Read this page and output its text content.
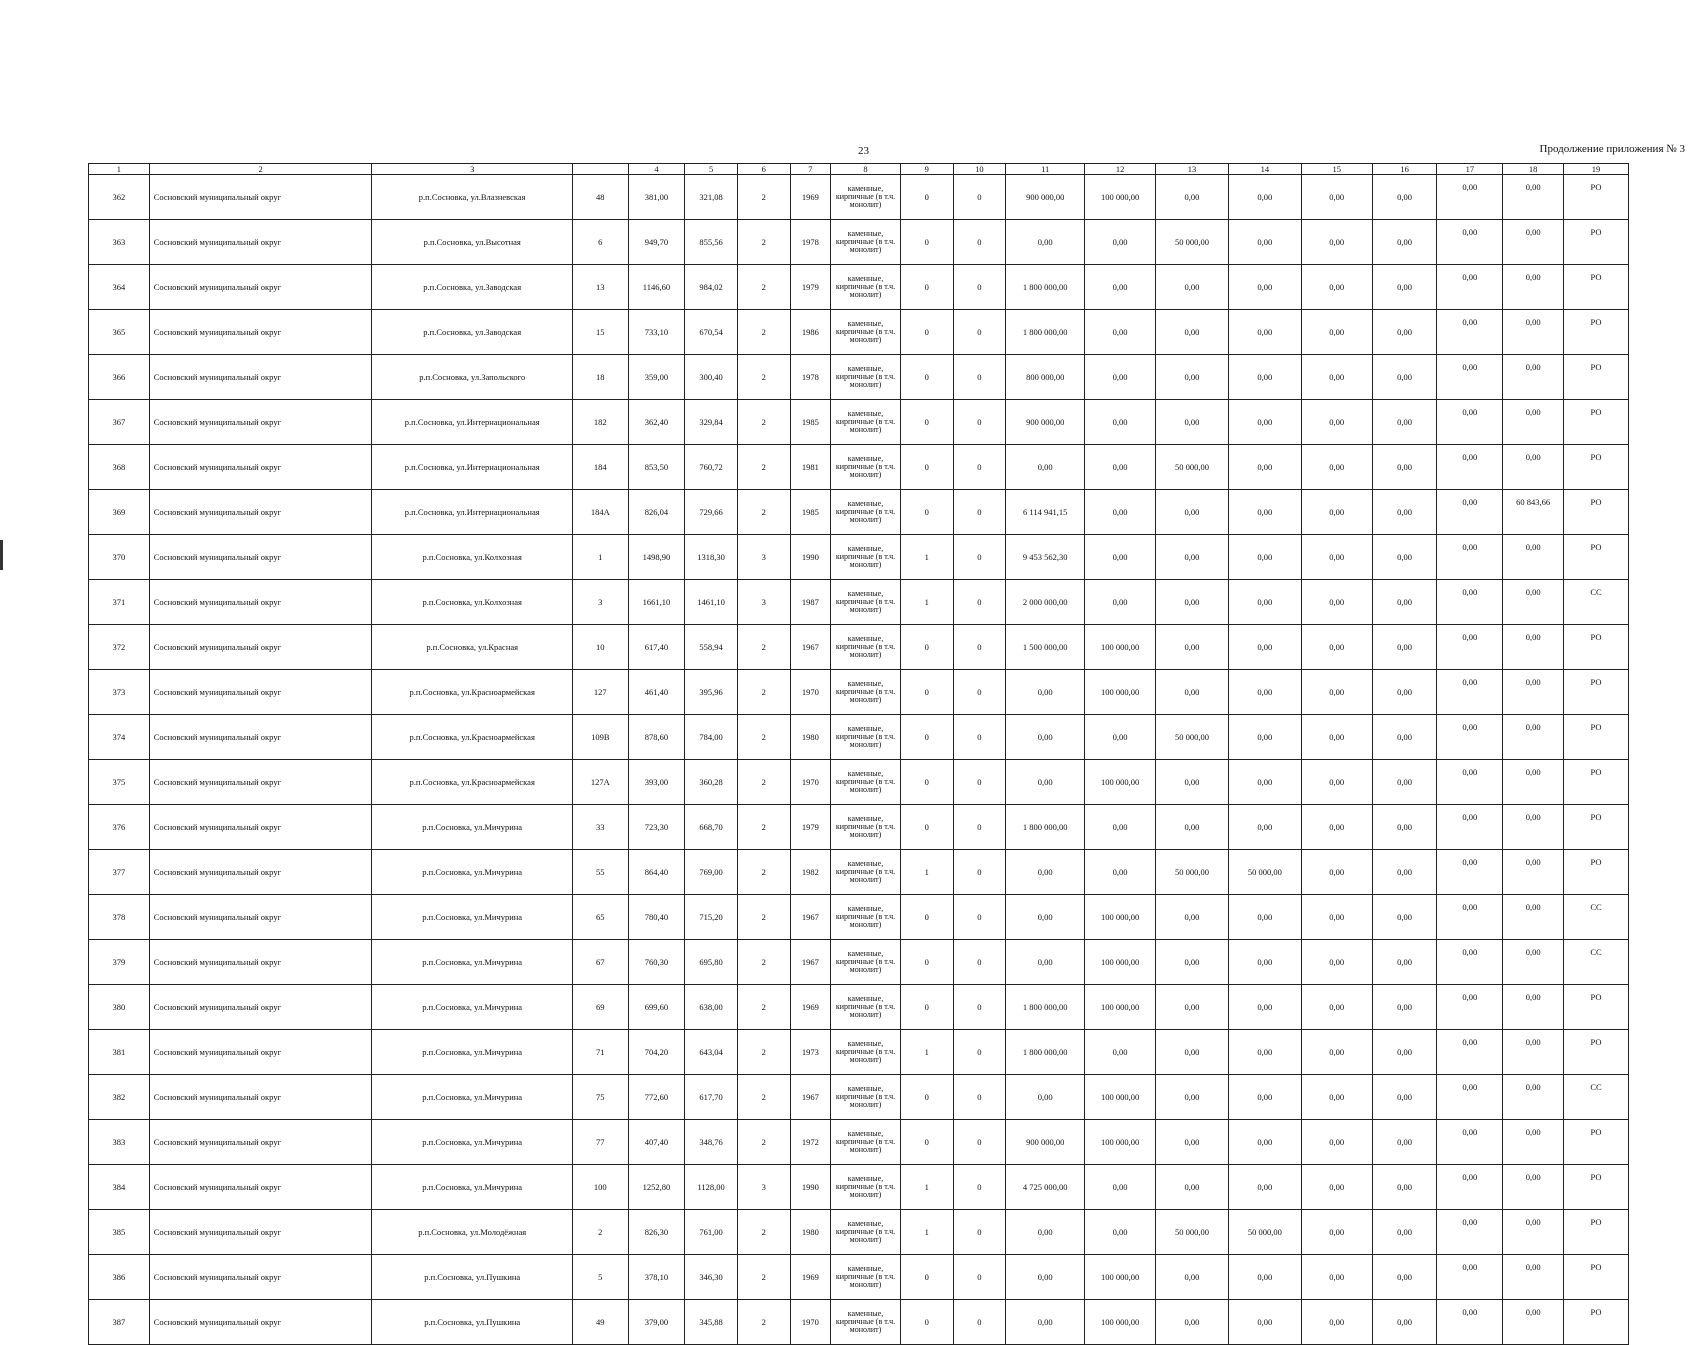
23	Продолжение приложения № 3
1	2	3		4	5	6	7	8	9	10	11	12	13	14	15	16	17	18	19
362	Сосновский муниципальный округ	р.п.Сосновка, ул.Влазневская	48	381,00	321,08	2	1969	каменные, кирпичные (в т.ч. монолит)	0	0	900 000,00	100 000,00	0,00	0,00	0,00	0,00	0,00	0,00	РО
363	Сосновский муниципальный округ	р.п.Сосновка, ул.Высотная	6	949,70	855,56	2	1978	каменные, кирпичные (в т.ч. монолит)	0	0	0,00	0,00	50 000,00	0,00	0,00	0,00	0,00	0,00	РО
364	Сосновский муниципальный округ	р.п.Сосновка, ул.Заводская	13	1146,60	984,02	2	1979	каменные, кирпичные (в т.ч. монолит)	0	0	1 800 000,00	0,00	0,00	0,00	0,00	0,00	0,00	0,00	РО
365	Сосновский муниципальный округ	р.п.Сосновка, ул.Заводская	15	733,10	670,54	2	1986	каменные, кирпичные (в т.ч. монолит)	0	0	1 800 000,00	0,00	0,00	0,00	0,00	0,00	0,00	0,00	РО
366	Сосновский муниципальный округ	р.п.Сосновка, ул.Запольского	18	359,00	300,40	2	1978	каменные, кирпичные (в т.ч. монолит)	0	0	800 000,00	0,00	0,00	0,00	0,00	0,00	0,00	0,00	РО
367	Сосновский муниципальный округ	р.п.Сосновка, ул.Интернациональная	182	362,40	329,84	2	1985	каменные, кирпичные (в т.ч. монолит)	0	0	900 000,00	0,00	0,00	0,00	0,00	0,00	0,00	0,00	РО
368	Сосновский муниципальный округ	р.п.Сосновка, ул.Интернациональная	184	853,50	760,72	2	1981	каменные, кирпичные (в т.ч. монолит)	0	0	0,00	0,00	50 000,00	0,00	0,00	0,00	0,00	0,00	РО
369	Сосновский муниципальный округ	р.п.Сосновка, ул.Интернациональная	184А	826,04	729,66	2	1985	каменные, кирпичные (в т.ч. монолит)	0	0	6 114 941,15	0,00	0,00	0,00	0,00	0,00	0,00	60 843,66	РО
370	Сосновский муниципальный округ	р.п.Сосновка, ул.Колхозная	1	1498,90	1318,30	3	1990	каменные, кирпичные (в т.ч. монолит)	1	0	9 453 562,30	0,00	0,00	0,00	0,00	0,00	0,00	0,00	РО
371	Сосновский муниципальный округ	р.п.Сосновка, ул.Колхозная	3	1661,10	1461,10	3	1987	каменные, кирпичные (в т.ч. монолит)	1	0	2 000 000,00	0,00	0,00	0,00	0,00	0,00	0,00	0,00	СС
372	Сосновский муниципальный округ	р.п.Сосновка, ул.Красная	10	617,40	558,94	2	1967	каменные, кирпичные (в т.ч. монолит)	0	0	1 500 000,00	100 000,00	0,00	0,00	0,00	0,00	0,00	0,00	РО
373	Сосновский муниципальный округ	р.п.Сосновка, ул.Красноармейская	127	461,40	395,96	2	1970	каменные, кирпичные (в т.ч. монолит)	0	0	0,00	100 000,00	0,00	0,00	0,00	0,00	0,00	0,00	РО
374	Сосновский муниципальный округ	р.п.Сосновка, ул.Красноармейская	109В	878,60	784,00	2	1980	каменные, кирпичные (в т.ч. монолит)	0	0	0,00	0,00	50 000,00	0,00	0,00	0,00	0,00	0,00	РО
375	Сосновский муниципальный округ	р.п.Сосновка, ул.Красноармейская	127А	393,00	360,28	2	1970	каменные, кирпичные (в т.ч. монолит)	0	0	0,00	100 000,00	0,00	0,00	0,00	0,00	0,00	0,00	РО
376	Сосновский муниципальный округ	р.п.Сосновка, ул.Мичурина	33	723,30	668,70	2	1979	каменные, кирпичные (в т.ч. монолит)	0	0	1 800 000,00	0,00	0,00	0,00	0,00	0,00	0,00	0,00	РО
377	Сосновский муниципальный округ	р.п.Сосновка, ул.Мичурина	55	864,40	769,00	2	1982	каменные, кирпичные (в т.ч. монолит)	1	0	0,00	0,00	50 000,00	50 000,00	0,00	0,00	0,00	0,00	РО
378	Сосновский муниципальный округ	р.п.Сосновка, ул.Мичурина	65	780,40	715,20	2	1967	каменные, кирпичные (в т.ч. монолит)	0	0	0,00	100 000,00	0,00	0,00	0,00	0,00	0,00	0,00	СС
379	Сосновский муниципальный округ	р.п.Сосновка, ул.Мичурина	67	760,30	695,80	2	1967	каменные, кирпичные (в т.ч. монолит)	0	0	0,00	100 000,00	0,00	0,00	0,00	0,00	0,00	0,00	СС
380	Сосновский муниципальный округ	р.п.Сосновка, ул.Мичурина	69	699,60	638,00	2	1969	каменные, кирпичные (в т.ч. монолит)	0	0	1 800 000,00	100 000,00	0,00	0,00	0,00	0,00	0,00	0,00	РО
381	Сосновский муниципальный округ	р.п.Сосновка, ул.Мичурина	71	704,20	643,04	2	1973	каменные, кирпичные (в т.ч. монолит)	1	0	1 800 000,00	0,00	0,00	0,00	0,00	0,00	0,00	0,00	РО
382	Сосновский муниципальный округ	р.п.Сосновка, ул.Мичурина	75	772,60	617,70	2	1967	каменные, кирпичные (в т.ч. монолит)	0	0	0,00	100 000,00	0,00	0,00	0,00	0,00	0,00	0,00	СС
383	Сосновский муниципальный округ	р.п.Сосновка, ул.Мичурина	77	407,40	348,76	2	1972	каменные, кирпичные (в т.ч. монолит)	0	0	900 000,00	100 000,00	0,00	0,00	0,00	0,00	0,00	0,00	РО
384	Сосновский муниципальный округ	р.п.Сосновка, ул.Мичурина	100	1252,80	1128,00	3	1990	каменные, кирпичные (в т.ч. монолит)	1	0	4 725 000,00	0,00	0,00	0,00	0,00	0,00	0,00	0,00	РО
385	Сосновский муниципальный округ	р.п.Сосновка, ул.Молодёжная	2	826,30	761,00	2	1980	каменные, кирпичные (в т.ч. монолит)	1	0	0,00	0,00	50 000,00	50 000,00	0,00	0,00	0,00	0,00	РО
386	Сосновский муниципальный округ	р.п.Сосновка, ул.Пушкина	5	378,10	346,30	2	1969	каменные, кирпичные (в т.ч. монолит)	0	0	0,00	100 000,00	0,00	0,00	0,00	0,00	0,00	0,00	РО
387	Сосновский муниципальный округ	р.п.Сосновка, ул.Пушкина	49	379,00	345,88	2	1970	каменные, кирпичные (в т.ч. монолит)	0	0	0,00	100 000,00	0,00	0,00	0,00	0,00	0,00	0,00	РО
